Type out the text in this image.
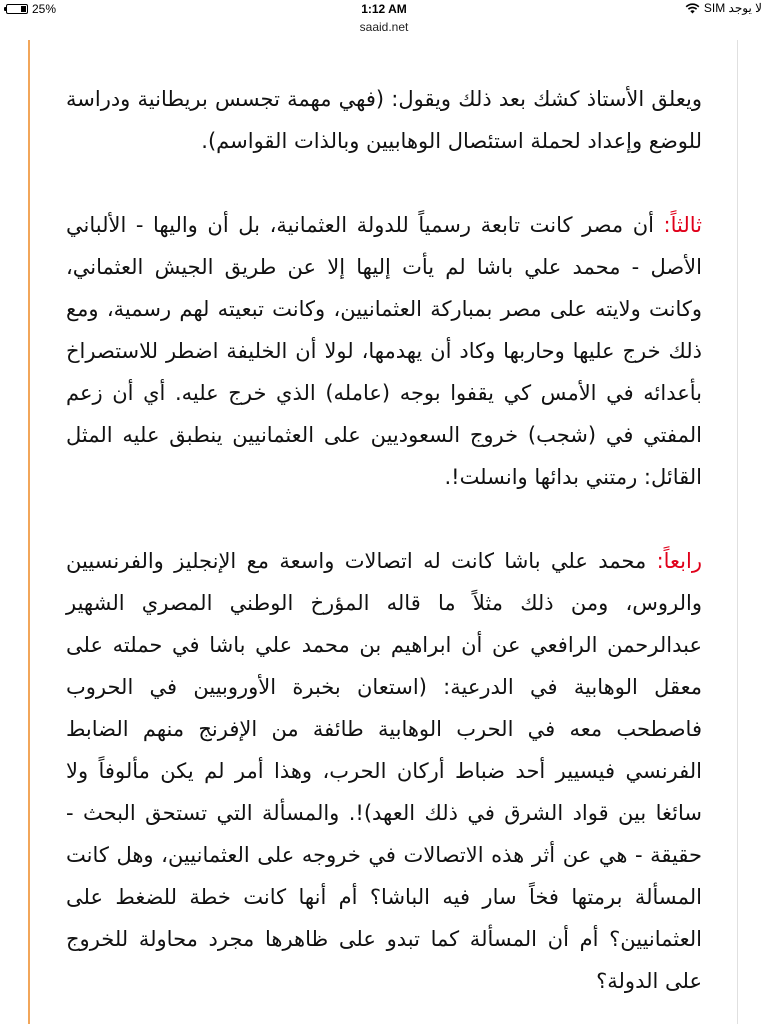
25%	1:12 AM	لا يوجد SIM
saaid.net

ويعلق الأستاذ كشك بعد ذلك ويقول: (فهي مهمة تجسس بريطانية ودراسة للوضع وإعداد لحملة استئصال الوهابيين وبالذات القواسم).

ثالثاً: أن مصر كانت تابعة رسمياً للدولة العثمانية، بل أن واليها - الألباني الأصل - محمد علي باشا لم يأت إليها إلا عن طريق الجيش العثماني، وكانت ولايته على مصر بمباركة العثمانيين، وكانت تبعيته لهم رسمية، ومع ذلك خرج عليها وحاربها وكاد أن يهدمها، لولا أن الخليفة اضطر للاستصراخ بأعدائه في الأمس كي يقفوا بوجه (عامله) الذي خرج عليه. أي أن زعم المفتي في (شجب) خروج السعوديين على العثمانيين ينطبق عليه المثل القائل: رمتني بدائها وانسلت!.

رابعاً: محمد علي باشا كانت له اتصالات واسعة مع الإنجليز والفرنسيين والروس، ومن ذلك مثلاً ما قاله المؤرخ الوطني المصري الشهير عبدالرحمن الرافعي عن أن ابراهيم بن محمد علي باشا في حملته على معقل الوهابية في الدرعية: (استعان بخبرة الأوروبيين في الحروب فاصطحب معه في الحرب الوهابية طائفة من الإفرنج منهم الضابط الفرنسي فيسيير أحد ضباط أركان الحرب، وهذا أمر لم يكن مألوفاً ولا سائغا بين قواد الشرق في ذلك العهد)!. والمسألة التي تستحق البحث - حقيقة - هي عن أثر هذه الاتصالات في خروجه على العثمانيين، وهل كانت المسألة برمتها فخاً سار فيه الباشا؟ أم أنها كانت خطة للضغط على العثمانيين؟ أم أن المسألة كما تبدو على ظاهرها مجرد محاولة للخروج على الدولة؟
